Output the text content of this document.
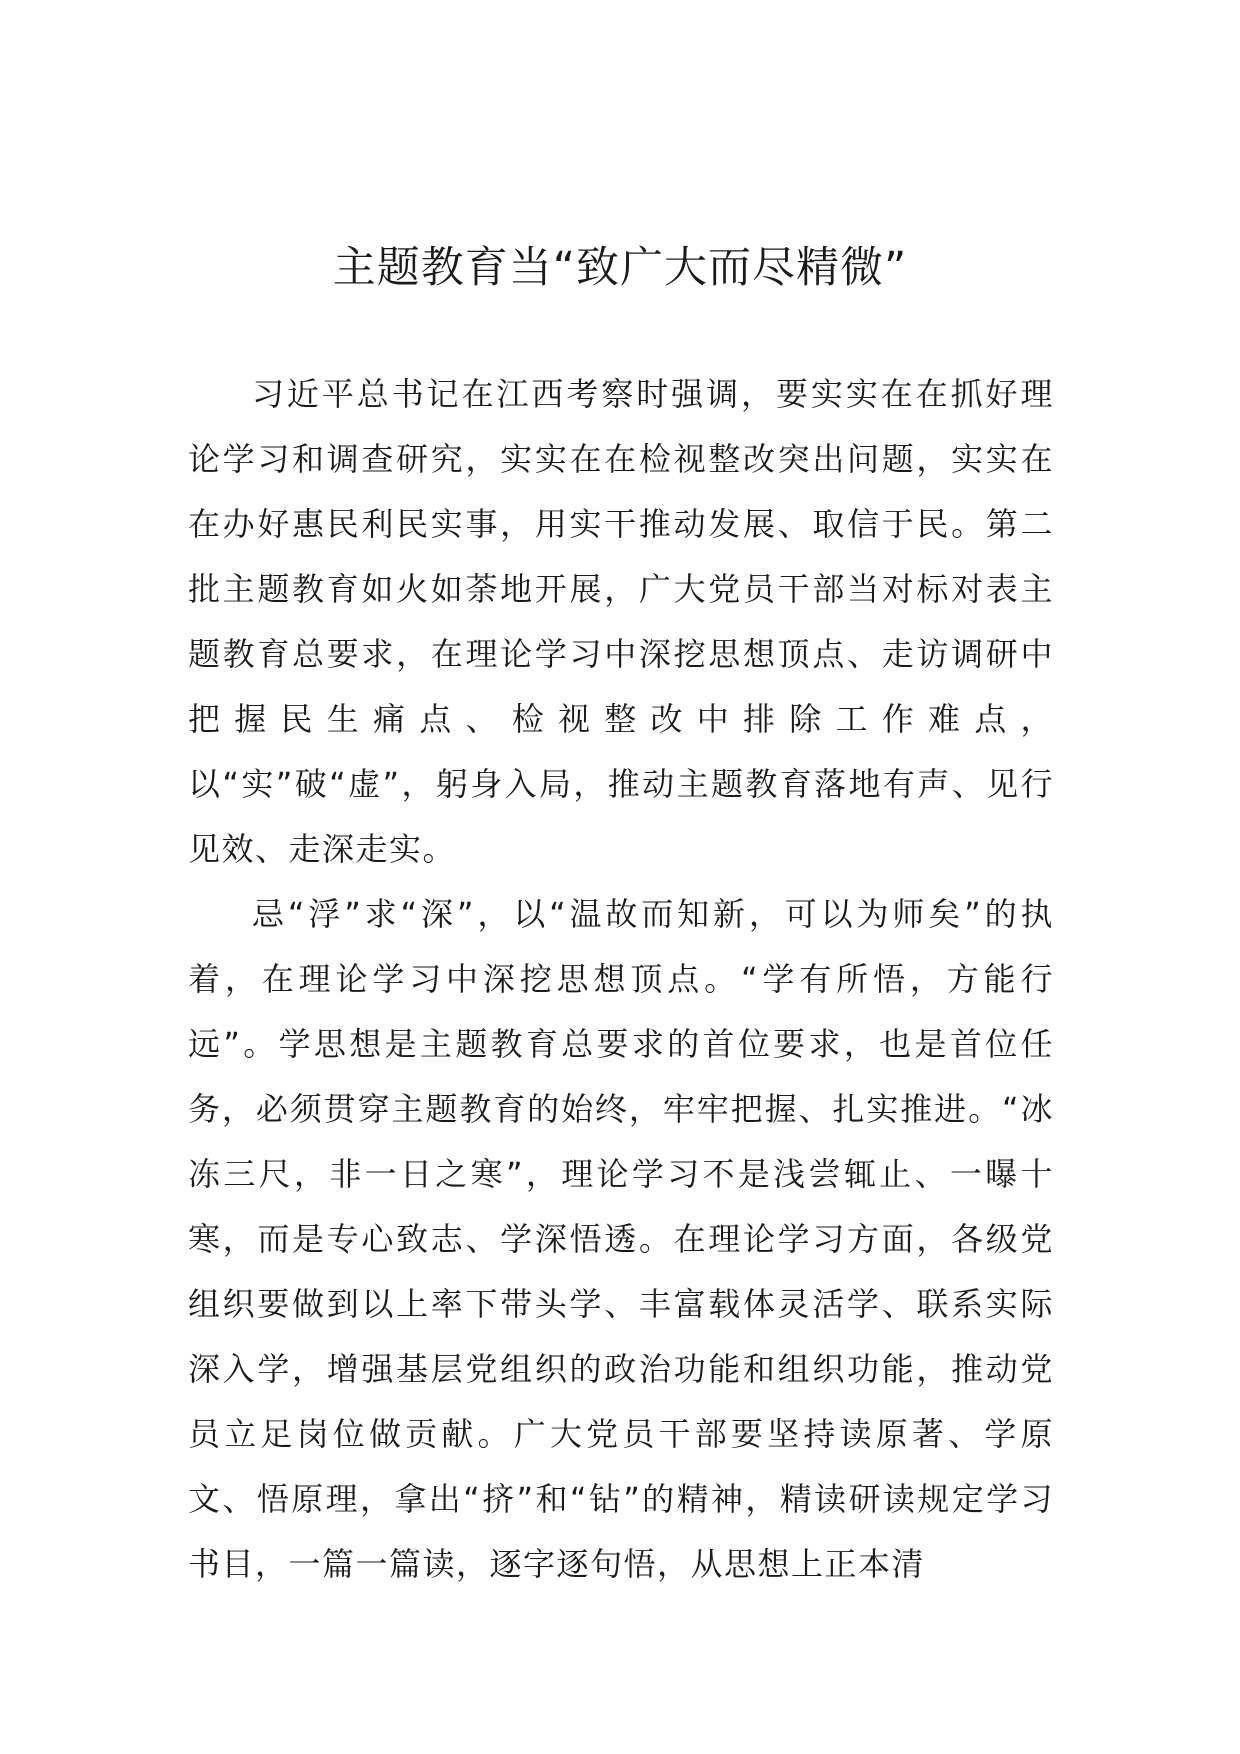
主题教育当“致广大而尽精微”

习近平总书记在江西考察时强调，要实实在在抓好理论学习和调查研究，实实在在检视整改突出问题，实实在在办好惠民利民实事，用实干推动发展、取信于民。第二批主题教育如火如荼地开展，广大党员干部当对标对表主题教育总要求，在理论学习中深挖思想顶点、走访调研中把握民生痛点、检视整改中排除工作难点，以“实”破“虚”，躬身入局，推动主题教育落地有声、见行见效、走深走实。

忌“浮”求“深”，以“温故而知新，可以为师矣”的执着，在理论学习中深挖思想顶点。“学有所悟，方能行远”。学思想是主题教育总要求的首位要求，也是首位任务，必须贯穿主题教育的始终，牢牢把握、扎实推进。“冰冻三尺，非一日之寒”，理论学习不是浅尝辄止、一曝十寒，而是专心致志、学深悟透。在理论学习方面，各级党组织要做到以上率下带头学、丰富载体灵活学、联系实际深入学，增强基层党组织的政治功能和组织功能，推动党员立足岗位做贡献。广大党员干部要坚持读原著、学原文、悟原理，拿出“挤”和“钻”的精神，精读研读规定学习书目，一篇一篇读，逐字逐句悟，从思想上正本清
